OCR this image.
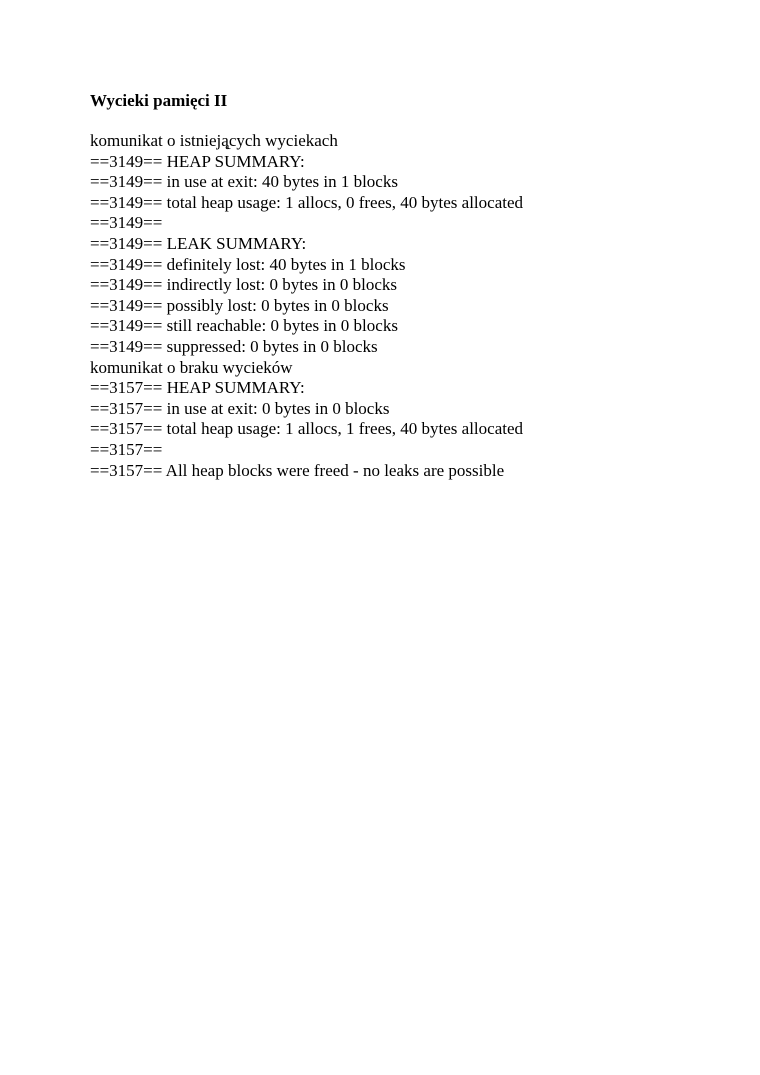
Wycieki pamięci II

komunikat o istnieją̨cych wyciekach

==3149== HEAP SUMMARY:

==3149== in use at exit: 40 bytes in 1 blocks

==3149== total heap usage: 1 allocs, 0 frees, 40 bytes allocated

==3149==

==3149== LEAK SUMMARY:

==3149== definitely lost: 40 bytes in 1 blocks

==3149== indirectly lost: 0 bytes in 0 blocks

==3149== possibly lost: 0 bytes in 0 blocks

==3149== still reachable: 0 bytes in 0 blocks

==3149== suppressed: 0 bytes in 0 blocks

komunikat o braku wycieków

==3157== HEAP SUMMARY:

==3157== in use at exit: 0 bytes in 0 blocks

==3157== total heap usage: 1 allocs, 1 frees, 40 bytes allocated

==3157==

==3157== All heap blocks were freed - no leaks are possible
